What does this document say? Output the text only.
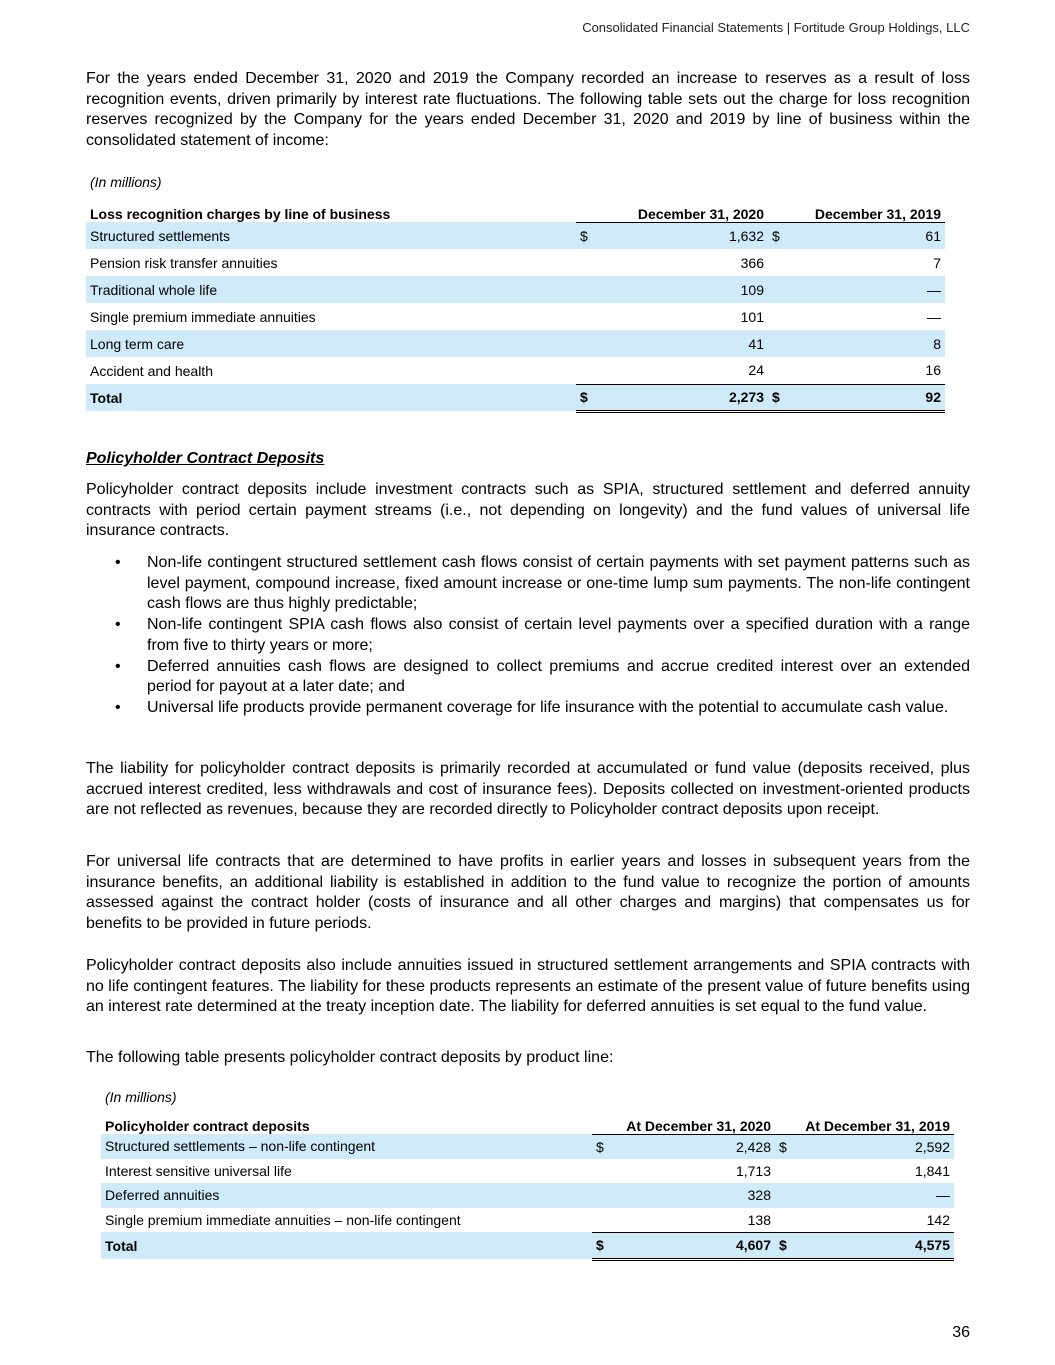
Consolidated Financial Statements | Fortitude Group Holdings, LLC

For the years ended December 31, 2020 and 2019 the Company recorded an increase to reserves as a result of loss recognition events, driven primarily by interest rate fluctuations. The following table sets out the charge for loss recognition reserves recognized by the Company for the years ended December 31, 2020 and 2019 by line of business within the consolidated statement of income:

(In millions)
Loss recognition charges by line of business	December 31, 2020		December 31, 2019	
Structured settlements	$	1,632	$	61
Pension risk transfer annuities		366		7
Traditional whole life		109		—
Single premium immediate annuities		101		—
Long term care		41		8
Accident and health		24		16
Total	$	2,273	$	92
Policyholder Contract Deposits

Policyholder contract deposits include investment contracts such as SPIA, structured settlement and deferred annuity contracts with period certain payment streams (i.e., not depending on longevity) and the fund values of universal life insurance contracts.

• Non-life contingent structured settlement cash flows consist of certain payments with set payment patterns such as level payment, compound increase, fixed amount increase or one-time lump sum payments. The non-life contingent cash flows are thus highly predictable;
• Non-life contingent SPIA cash flows also consist of certain level payments over a specified duration with a range from five to thirty years or more;
• Deferred annuities cash flows are designed to collect premiums and accrue credited interest over an extended period for payout at a later date; and
• Universal life products provide permanent coverage for life insurance with the potential to accumulate cash value.

The liability for policyholder contract deposits is primarily recorded at accumulated or fund value (deposits received, plus accrued interest credited, less withdrawals and cost of insurance fees). Deposits collected on investment-oriented products are not reflected as revenues, because they are recorded directly to Policyholder contract deposits upon receipt.

For universal life contracts that are determined to have profits in earlier years and losses in subsequent years from the insurance benefits, an additional liability is established in addition to the fund value to recognize the portion of amounts assessed against the contract holder (costs of insurance and all other charges and margins) that compensates us for benefits to be provided in future periods.

Policyholder contract deposits also include annuities issued in structured settlement arrangements and SPIA contracts with no life contingent features. The liability for these products represents an estimate of the present value of future benefits using an interest rate determined at the treaty inception date. The liability for deferred annuities is set equal to the fund value.

The following table presents policyholder contract deposits by product line:

(In millions)
Policyholder contract deposits	At December 31, 2020		At December 31, 2019	
Structured settlements – non-life contingent	$	2,428	$	2,592
Interest sensitive universal life		1,713		1,841
Deferred annuities		328		—
Single premium immediate annuities – non-life contingent		138		142
Total	$	4,607	$	4,575
36
